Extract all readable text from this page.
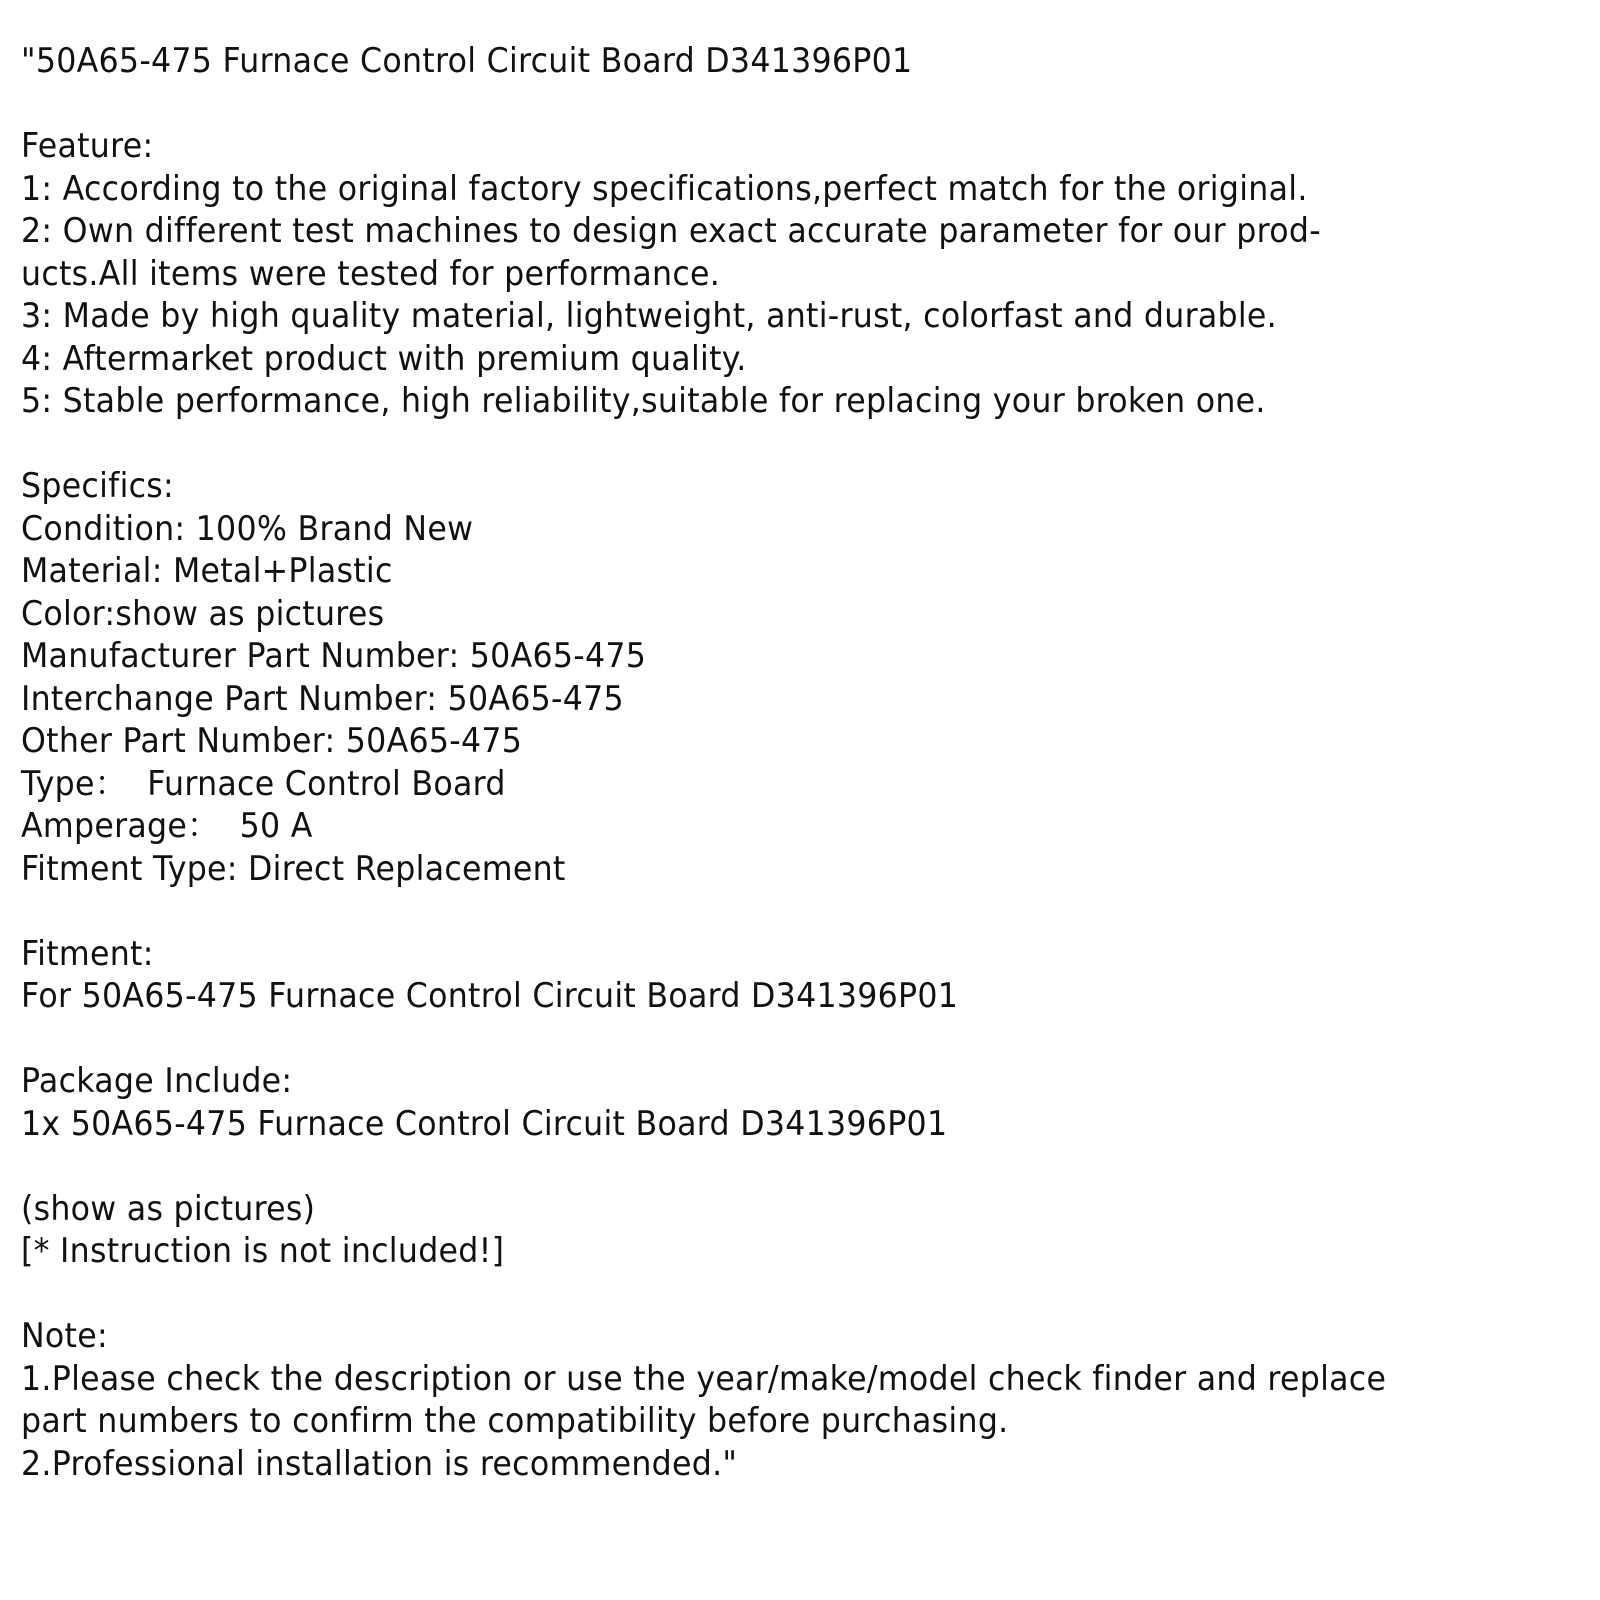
"50A65-475 Furnace Control Circuit Board D341396P01
Feature:
1: According to the original factory specifications,perfect match for the original.
2: Own different test machines to design exact accurate parameter for our prod-
ucts.All items were tested for performance.
3: Made by high quality material, lightweight, anti-rust, colorfast and durable.
4: Aftermarket product with premium quality.
5: Stable performance, high reliability,suitable for replacing your broken one.
Specifics:
Condition: 100% Brand New
Material: Metal+Plastic
Color:show as pictures
Manufacturer Part Number: 50A65-475
Interchange Part Number: 50A65-475
Other Part Number: 50A65-475
Type：  Furnace Control Board
Amperage：  50 A
Fitment Type: Direct Replacement
Fitment:
For 50A65-475 Furnace Control Circuit Board D341396P01
Package Include:
1x 50A65-475 Furnace Control Circuit Board D341396P01
(show as pictures)
[* Instruction is not included!]
Note:
1.Please check the description or use the year/make/model check finder and replace
part numbers to confirm the compatibility before purchasing.
2.Professional installation is recommended."
